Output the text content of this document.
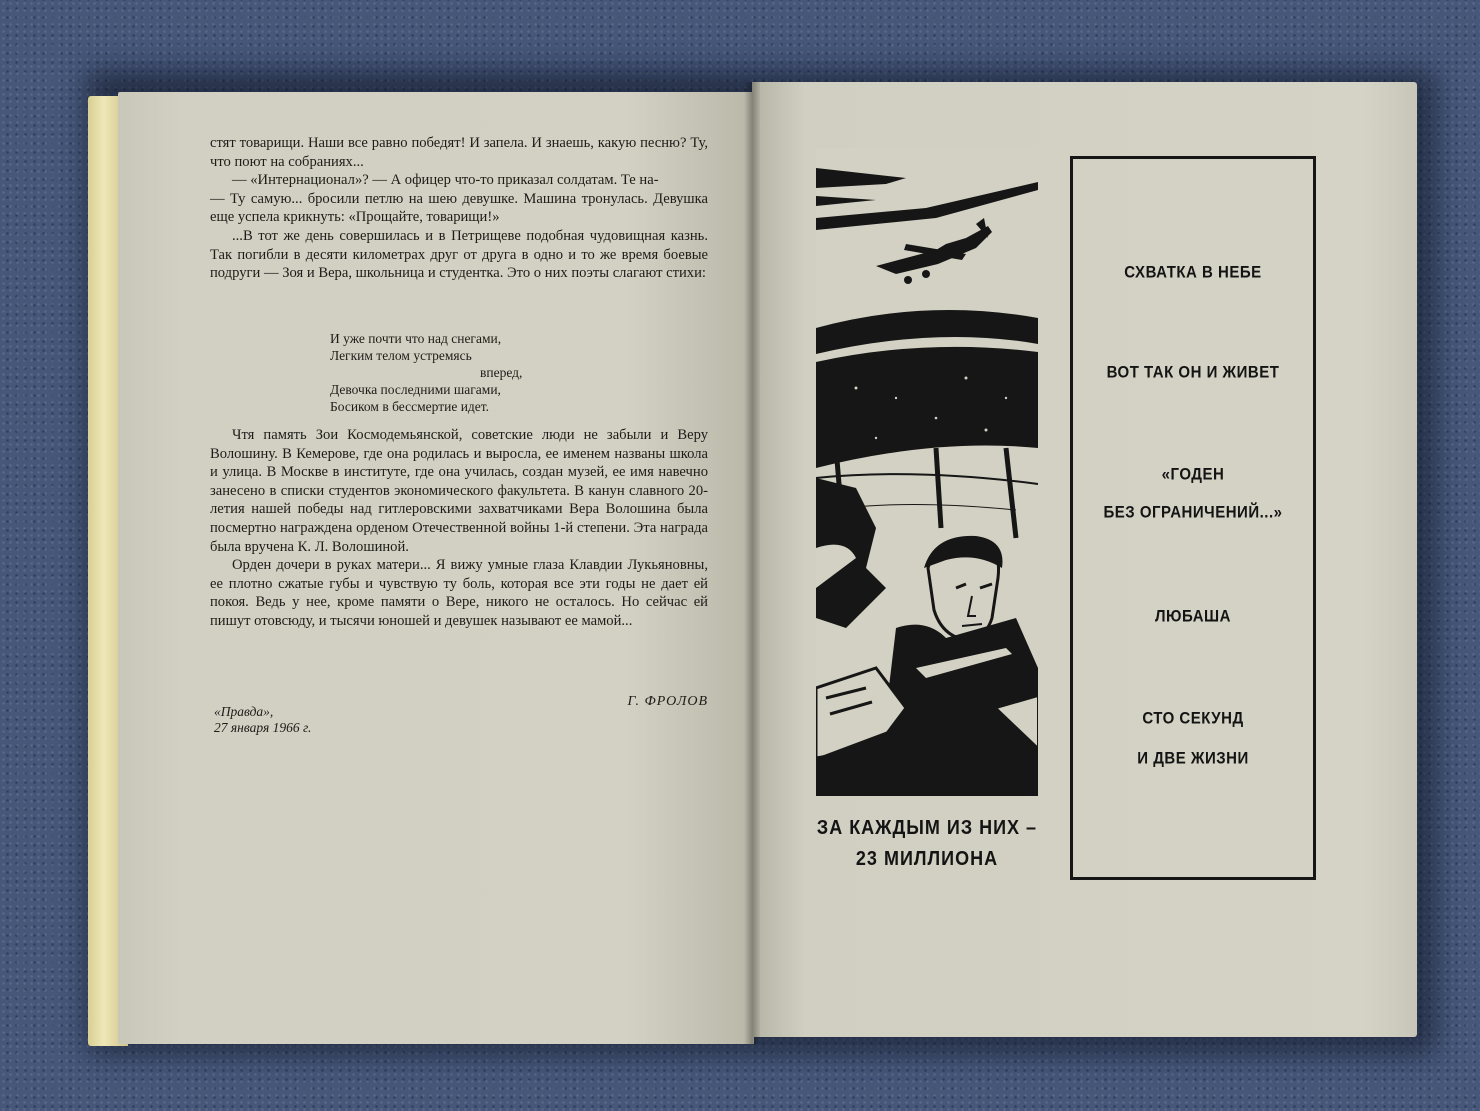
стят товарищи. Наши все равно победят! И запела. И знаешь, какую песню? Ту, что поют на собраниях...

— «Интернационал»? — А офицер что-то приказал солдатам. Те на-

— Ту самую... бросили петлю на шею девушке. Машина тронулась. Девушка еще успела крикнуть: «Прощайте, товарищи!»

...В тот же день совершилась и в Петрищеве подобная чудовищная казнь. Так погибли в десяти километрах друг от друга в одно и то же время боевые подруги — Зоя и Вера, школьница и студентка. Это о них поэты слагают стихи:

И уже почти что над снегами,
Легким телом устремясь
вперед,
Девочка последними шагами,
Босиком в бессмертие идет.

Чтя память Зои Космодемьянской, советские люди не забыли и Веру Волошину. В Кемерове, где она родилась и выросла, ее именем названы школа и улица. В Москве в институте, где она училась, создан музей, ее имя навечно занесено в списки студентов экономического факультета. В канун славного 20-летия нашей победы над гитлеровскими захватчиками Вера Волошина была посмертно награждена орденом Отечественной войны 1-й степени. Эта награда была вручена К. Л. Волошиной.

Орден дочери в руках матери... Я вижу умные глаза Клавдии Лукьяновны, ее плотно сжатые губы и чувствую ту боль, которая все эти годы не дает ей покоя. Ведь у нее, кроме памяти о Вере, никого не осталось. Но сейчас ей пишут отовсюду, и тысячи юношей и девушек называют ее мамой...

Г. ФРОЛОВ
«Правда»,
27 января 1966 г.
ЗА КАЖДЫМ ИЗ НИХ –
23 МИЛЛИОНА
СХВАТКА В НЕБЕ
ВОТ ТАК ОН И ЖИВЕТ
«ГОДЕН
БЕЗ ОГРАНИЧЕНИЙ...»
ЛЮБАША
СТО СЕКУНД
И ДВЕ ЖИЗНИ
